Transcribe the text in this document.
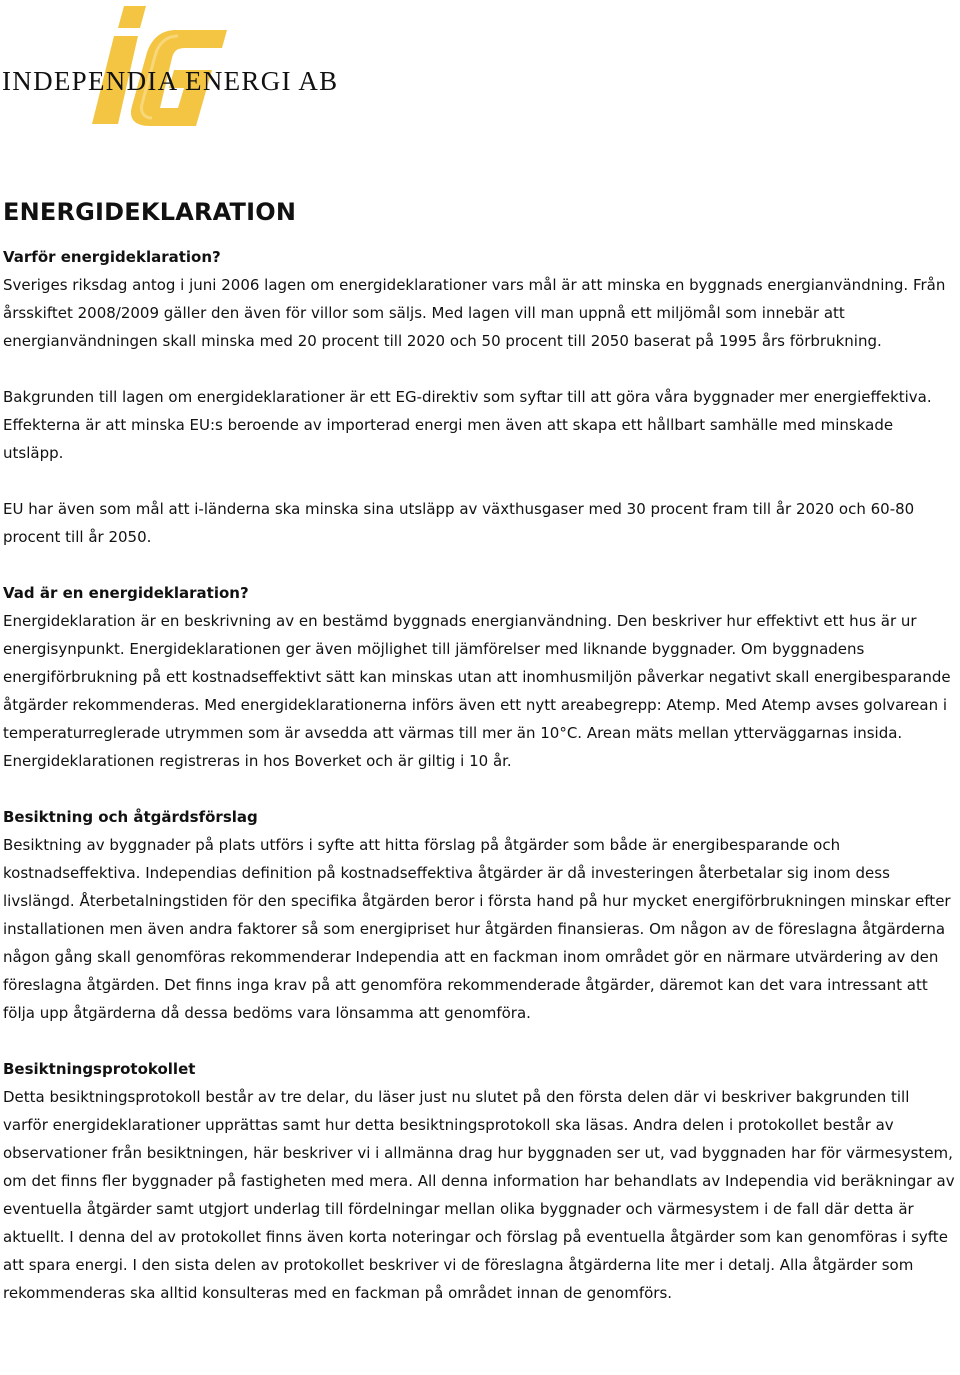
INDEPENDIA ENERGI AB
ENERGIDEKLARATION
Varför energideklaration?

Sveriges riksdag antog i juni 2006 lagen om energideklarationer vars mål är att minska en byggnads energianvändning. Från årsskiftet 2008/2009 gäller den även för villor som säljs. Med lagen vill man uppnå ett miljömål som innebär att energianvändningen skall minska med 20 procent till 2020 och 50 procent till 2050 baserat på 1995 års förbrukning.

Bakgrunden till lagen om energideklarationer är ett EG-direktiv som syftar till att göra våra byggnader mer energieffektiva. Effekterna är att minska EU:s beroende av importerad energi men även att skapa ett hållbart samhälle med minskade utsläpp.

EU har även som mål att i-länderna ska minska sina utsläpp av växthusgaser med 30 procent fram till år 2020 och 60-80 procent till år 2050.

Vad är en energideklaration?

Energideklaration är en beskrivning av en bestämd byggnads energianvändning. Den beskriver hur effektivt ett hus är ur energisynpunkt. Energideklarationen ger även möjlighet till jämförelser med liknande byggnader. Om byggnadens energiförbrukning på ett kostnadseffektivt sätt kan minskas utan att inomhusmiljön påverkar negativt skall energibesparande åtgärder rekommenderas. Med energideklarationerna införs även ett nytt areabegrepp: Atemp. Med Atemp avses golvarean i temperaturreglerade utrymmen som är avsedda att värmas till mer än 10°C. Arean mäts mellan ytterväggarnas insida. Energideklarationen registreras in hos Boverket och är giltig i 10 år.

Besiktning och åtgärdsförslag

Besiktning av byggnader på plats utförs i syfte att hitta förslag på åtgärder som både är energibesparande och kostnadseffektiva. Independias definition på kostnadseffektiva åtgärder är då investeringen återbetalar sig inom dess livslängd. Återbetalningstiden för den specifika åtgärden beror i första hand på hur mycket energiförbrukningen minskar efter installationen men även andra faktorer så som energipriset hur åtgärden finansieras. Om någon av de föreslagna åtgärderna någon gång skall genomföras rekommenderar Independia att en fackman inom området gör en närmare utvärdering av den föreslagna åtgärden. Det finns inga krav på att genomföra rekommenderade åtgärder, däremot kan det vara intressant att följa upp åtgärderna då dessa bedöms vara lönsamma att genomföra.

Besiktningsprotokollet

Detta besiktningsprotokoll består av tre delar, du läser just nu slutet på den första delen där vi beskriver bakgrunden till varför energideklarationer upprättas samt hur detta besiktningsprotokoll ska läsas. Andra delen i protokollet består av observationer från besiktningen, här beskriver vi i allmänna drag hur byggnaden ser ut, vad byggnaden har för värmesystem, om det finns fler byggnader på fastigheten med mera. All denna information har behandlats av Independia vid beräkningar av eventuella åtgärder samt utgjort underlag till fördelningar mellan olika byggnader och värmesystem i de fall där detta är aktuellt. I denna del av protokollet finns även korta noteringar och förslag på eventuella åtgärder som kan genomföras i syfte att spara energi. I den sista delen av protokollet beskriver vi de föreslagna åtgärderna lite mer i detalj. Alla åtgärder som rekommenderas ska alltid konsulteras med en fackman på området innan de genomförs.
